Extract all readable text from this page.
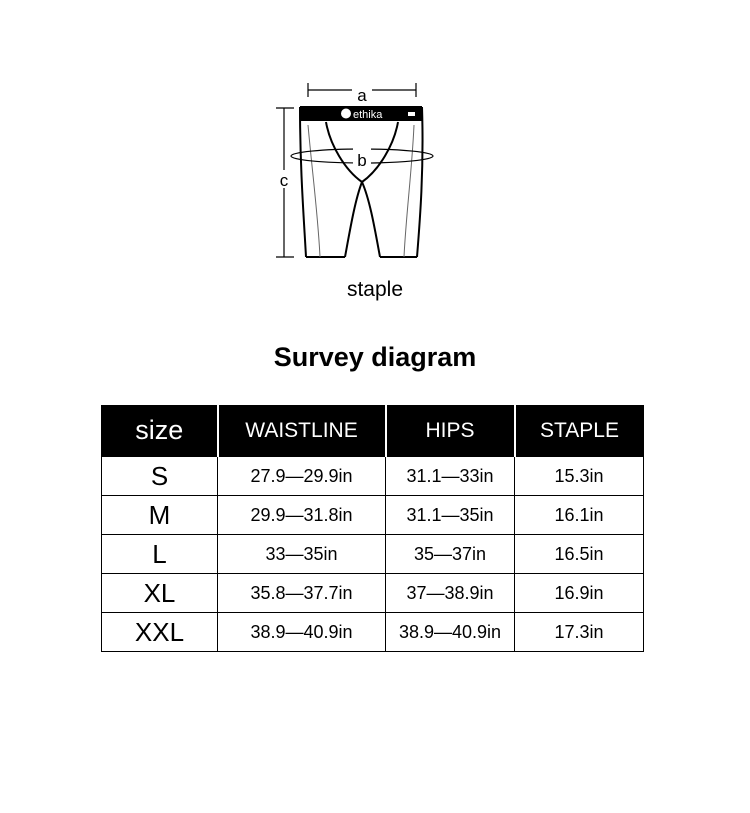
a
c
ethika
b
staple
Survey diagram
size	WAISTLINE	HIPS	STAPLE
S	27.9—29.9in	31.1—33in	15.3in
M	29.9—31.8in	31.1—35in	16.1in
L	33—35in	35—37in	16.5in
XL	35.8—37.7in	37—38.9in	16.9in
XXL	38.9—40.9in	38.9—40.9in	17.3in
